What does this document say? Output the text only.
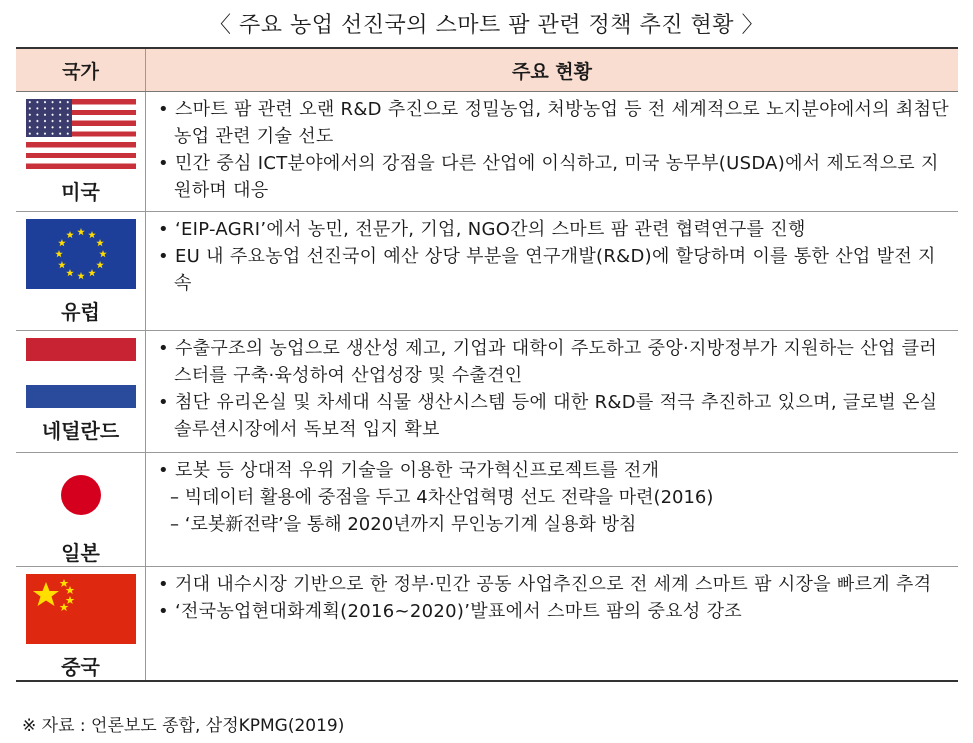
〈 주요 농업 선진국의 스마트 팜 관련 정책 추진 현황 〉
국가	주요 현황

미국	• 스마트 팜 관련 오랜 R&D 추진으로 정밀농업, 처방농업 등 전 세계적으로 노지분야에서의 최첨단 농업 관련 기술 선도
• 민간 중심 ICT분야에서의 강점을 다른 산업에 이식하고, 미국 농무부(USDA)에서 제도적으로 지원하며 대응

유럽	• ‘EIP-AGRI’에서 농민, 전문가, 기업, NGO간의 스마트 팜 관련 협력연구를 진행
• EU 내 주요농업 선진국이 예산 상당 부분을 연구개발(R&D)에 할당하며 이를 통한 산업 발전 지속

네덜란드	• 수출구조의 농업으로 생산성 제고, 기업과 대학이 주도하고 중앙·지방정부가 지원하는 산업 클러스터를 구축·육성하여 산업성장 및 수출견인
• 첨단 유리온실 및 차세대 식물 생산시스템 등에 대한 R&D를 적극 추진하고 있으며, 글로벌 온실 솔루션시장에서 독보적 입지 확보

일본	• 로봇 등 상대적 우위 기술을 이용한 국가혁신프로젝트를 전개
– 빅데이터 활용에 중점을 두고 4차산업혁명 선도 전략을 마련(2016)
– ‘로봇新전략’을 통해 2020년까지 무인농기계 실용화 방침

중국	• 거대 내수시장 기반으로 한 정부·민간 공동 사업추진으로 전 세계 스마트 팜 시장을 빠르게 추격
• ‘전국농업현대화계획(2016~2020)’발표에서 스마트 팜의 중요성 강조
※ 자료 : 언론보도 종합, 삼정KPMG(2019)
